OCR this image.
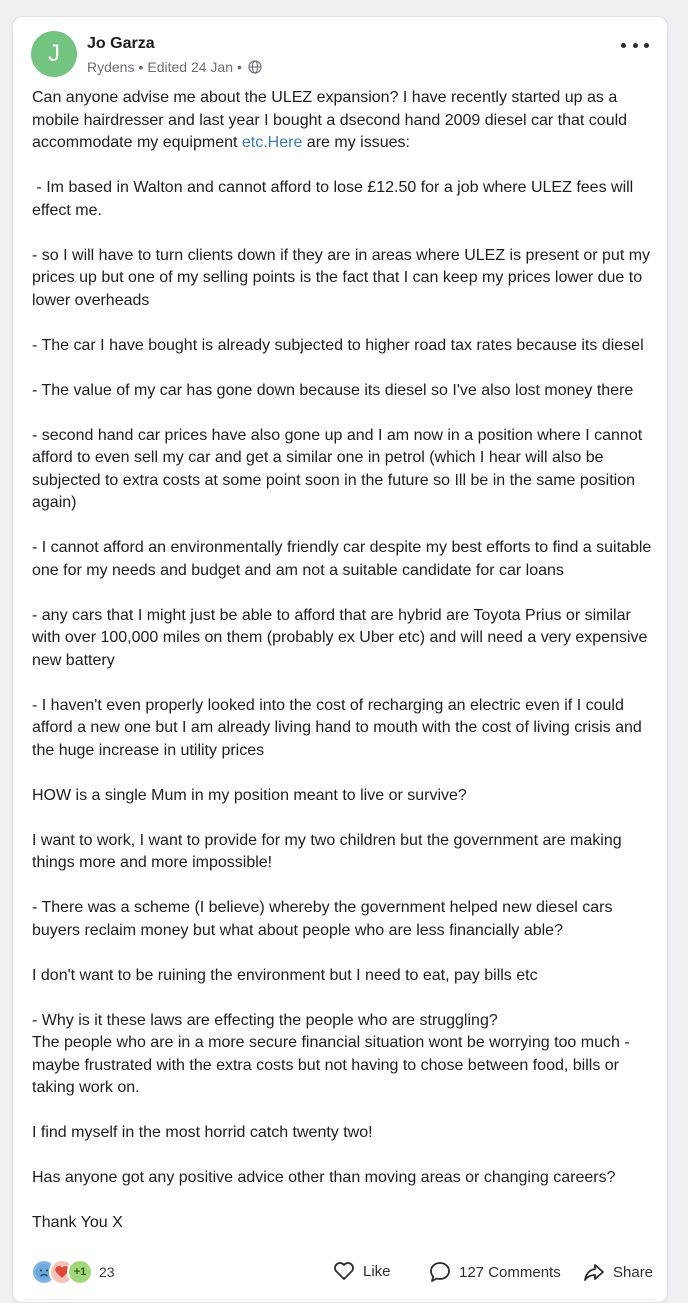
J	Jo Garza
Rydens • Edited 24 Jan •

Can anyone advise me about the ULEZ expansion? I have recently started up as a mobile hairdresser and last year I bought a dsecond hand 2009 diesel car that could accommodate my equipment etc.Here are my issues:

- Im based in Walton and cannot afford to lose £12.50 for a job where ULEZ fees will effect me.

- so I will have to turn clients down if they are in areas where ULEZ is present or put my prices up but one of my selling points is the fact that I can keep my prices lower due to lower overheads

- The car I have bought is already subjected to higher road tax rates because its diesel

- The value of my car has gone down because its diesel so I've also lost money there

- second hand car prices have also gone up and I am now in a position where I cannot afford to even sell my car and get a similar one in petrol (which I hear will also be subjected to extra costs at some point soon in the future so Ill be in the same position again)

- I cannot afford an environmentally friendly car despite my best efforts to find a suitable one for my needs and budget and am not a suitable candidate for car loans

- any cars that I might just be able to afford that are hybrid are Toyota Prius or similar with over 100,000 miles on them (probably ex Uber etc) and will need a very expensive new battery

- I haven't even properly looked into the cost of recharging an electric even if I could afford a new one but I am already living hand to mouth with the cost of living crisis and the huge increase in utility prices

HOW is a single Mum in my position meant to live or survive?

I want to work, I want to provide for my two children but the government are making things more and more impossible!

- There was a scheme (I believe) whereby the government helped new diesel cars buyers reclaim money but what about people who are less financially able?

I don't want to be ruining the environment but I need to eat, pay bills etc

- Why is it these laws are effecting the people who are struggling?
The people who are in a more secure financial situation wont be worrying too much - maybe frustrated with the extra costs but not having to chose between food, bills or taking work on.

I find myself in the most horrid catch twenty two!

Has anyone got any positive advice other than moving areas or changing careers?

Thank You X

+1 23	Like	127 Comments	Share
